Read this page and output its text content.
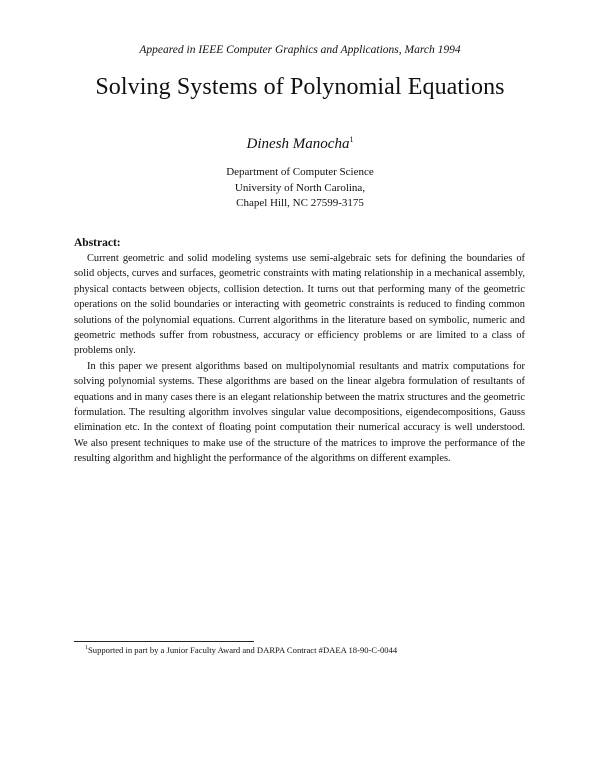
Appeared in IEEE Computer Graphics and Applications, March 1994
Solving Systems of Polynomial Equations
Dinesh Manocha$^1$
Department of Computer Science
University of North Carolina,
Chapel Hill, NC 27599-3175
Abstract:

Current geometric and solid modeling systems use semi-algebraic sets for defining the boundaries of solid objects, curves and surfaces, geometric constraints with mating relationship in a mechanical assembly, physical contacts between objects, collision detection. It turns out that performing many of the geometric operations on the solid boundaries or interacting with geometric constraints is reduced to finding common solutions of the polynomial equations. Current algorithms in the literature based on symbolic, numeric and geometric methods suffer from robustness, accuracy or efficiency problems or are limited to a class of problems only.

In this paper we present algorithms based on multipolynomial resultants and matrix computations for solving polynomial systems. These algorithms are based on the linear algebra formulation of resultants of equations and in many cases there is an elegant relationship between the matrix structures and the geometric formulation. The resulting algorithm involves singular value decompositions, eigendecompositions, Gauss elimination etc. In the context of floating point computation their numerical accuracy is well understood. We also present techniques to make use of the structure of the matrices to improve the performance of the resulting algorithm and highlight the performance of the algorithms on different examples.

$^1$Supported in part by a Junior Faculty Award and DARPA Contract #DAEA 18-90-C-0044
